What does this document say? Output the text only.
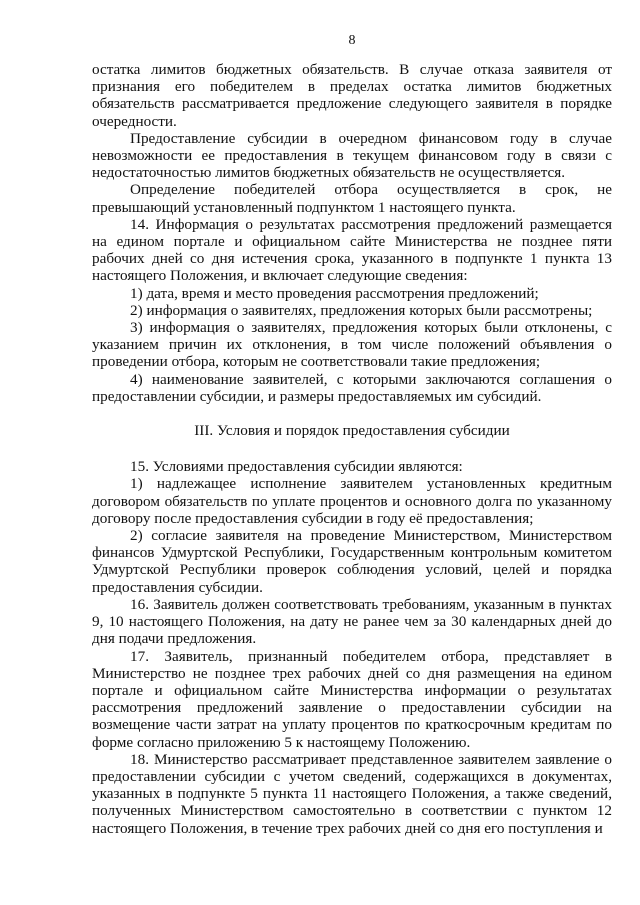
8

остатка лимитов бюджетных обязательств. В случае отказа заявителя от признания его победителем в пределах остатка лимитов бюджетных обязательств рассматривается предложение следующего заявителя в порядке очередности.

Предоставление субсидии в очередном финансовом году в случае невозможности ее предоставления в текущем финансовом году в связи с недостаточностью лимитов бюджетных обязательств не осуществляется.

Определение победителей отбора осуществляется в срок, не превышающий установленный подпунктом 1 настоящего пункта.

14. Информация о результатах рассмотрения предложений размещается на едином портале и официальном сайте Министерства не позднее пяти рабочих дней со дня истечения срока, указанного в подпункте 1 пункта 13 настоящего Положения, и включает следующие сведения:

1) дата, время и место проведения рассмотрения предложений;

2) информация о заявителях, предложения которых были рассмотрены;

3) информация о заявителях, предложения которых были отклонены, с указанием причин их отклонения, в том числе положений объявления о проведении отбора, которым не соответствовали такие предложения;

4) наименование заявителей, с которыми заключаются соглашения о предоставлении субсидии, и размеры предоставляемых им субсидий.

III. Условия и порядок предоставления субсидии

15. Условиями предоставления субсидии являются:

1) надлежащее исполнение заявителем установленных кредитным договором обязательств по уплате процентов и основного долга по указанному договору после предоставления субсидии в году её предоставления;

2) согласие заявителя на проведение Министерством, Министерством финансов Удмуртской Республики, Государственным контрольным комитетом Удмуртской Республики проверок соблюдения условий, целей и порядка предоставления субсидии.

16. Заявитель должен соответствовать требованиям, указанным в пунктах 9, 10 настоящего Положения, на дату не ранее чем за 30 календарных дней до дня подачи предложения.

17. Заявитель, признанный победителем отбора, представляет в Министерство не позднее трех рабочих дней со дня размещения на едином портале и официальном сайте Министерства информации о результатах рассмотрения предложений заявление о предоставлении субсидии на возмещение части затрат на уплату процентов по краткосрочным кредитам по форме согласно приложению 5 к настоящему Положению.

18. Министерство рассматривает представленное заявителем заявление о предоставлении субсидии с учетом сведений, содержащихся в документах, указанных в подпункте 5 пункта 11 настоящего Положения, а также сведений, полученных Министерством самостоятельно в соответствии с пунктом 12 настоящего Положения, в течение трех рабочих дней со дня его поступления и
